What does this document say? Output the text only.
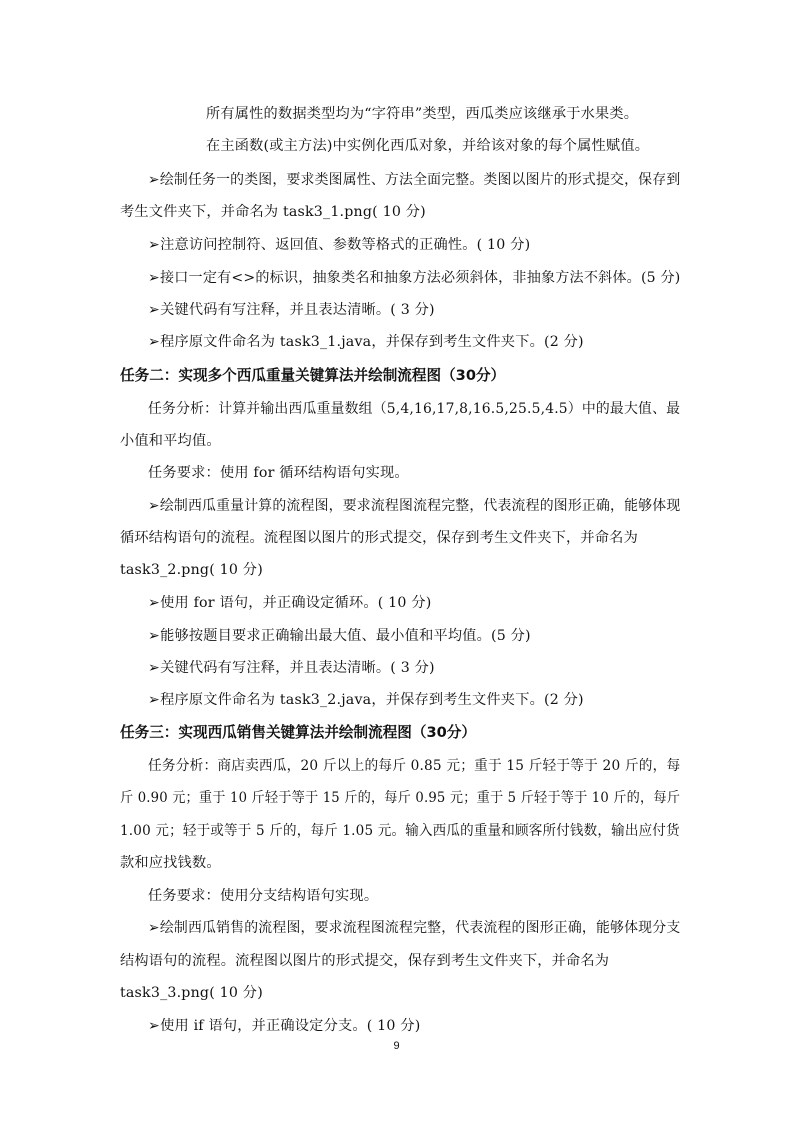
所有属性的数据类型均为“字符串”类型，西瓜类应该继承于水果类。
在主函数(或主方法)中实例化西瓜对象，并给该对象的每个属性赋值。
➢绘制任务一的类图，要求类图属性、方法全面完整。类图以图片的形式提交，保存到
考生文件夹下，并命名为 task3_1.png( 10 分)
➢注意访问控制符、返回值、参数等格式的正确性。( 10 分)
➢接口一定有<>的标识，抽象类名和抽象方法必须斜体，非抽象方法不斜体。(5 分)
➢关键代码有写注释，并且表达清晰。( 3 分)
➢程序原文件命名为 task3_1.java，并保存到考生文件夹下。(2 分)
任务二：实现多个西瓜重量关键算法并绘制流程图（30分）
任务分析：计算并输出西瓜重量数组（5,4,16,17,8,16.5,25.5,4.5）中的最大值、最
小值和平均值。
任务要求：使用 for 循环结构语句实现。
➢绘制西瓜重量计算的流程图，要求流程图流程完整，代表流程的图形正确，能够体现
循环结构语句的流程。流程图以图片的形式提交，保存到考生文件夹下，并命名为
task3_2.png( 10 分)
➢使用 for 语句，并正确设定循环。( 10 分)
➢能够按题目要求正确输出最大值、最小值和平均值。(5 分)
➢关键代码有写注释，并且表达清晰。( 3 分)
➢程序原文件命名为 task3_2.java，并保存到考生文件夹下。(2 分)
任务三：实现西瓜销售关键算法并绘制流程图（30分）
任务分析：商店卖西瓜，20 斤以上的每斤 0.85 元；重于 15 斤轻于等于 20 斤的，每
斤 0.90 元；重于 10 斤轻于等于 15 斤的，每斤 0.95 元；重于 5 斤轻于等于 10 斤的，每斤
1.00 元；轻于或等于 5 斤的，每斤 1.05 元。输入西瓜的重量和顾客所付钱数，输出应付货
款和应找钱数。
任务要求：使用分支结构语句实现。
➢绘制西瓜销售的流程图，要求流程图流程完整，代表流程的图形正确，能够体现分支
结构语句的流程。流程图以图片的形式提交，保存到考生文件夹下，并命名为
task3_3.png( 10 分)
➢使用 if 语句，并正确设定分支。( 10 分)
9
